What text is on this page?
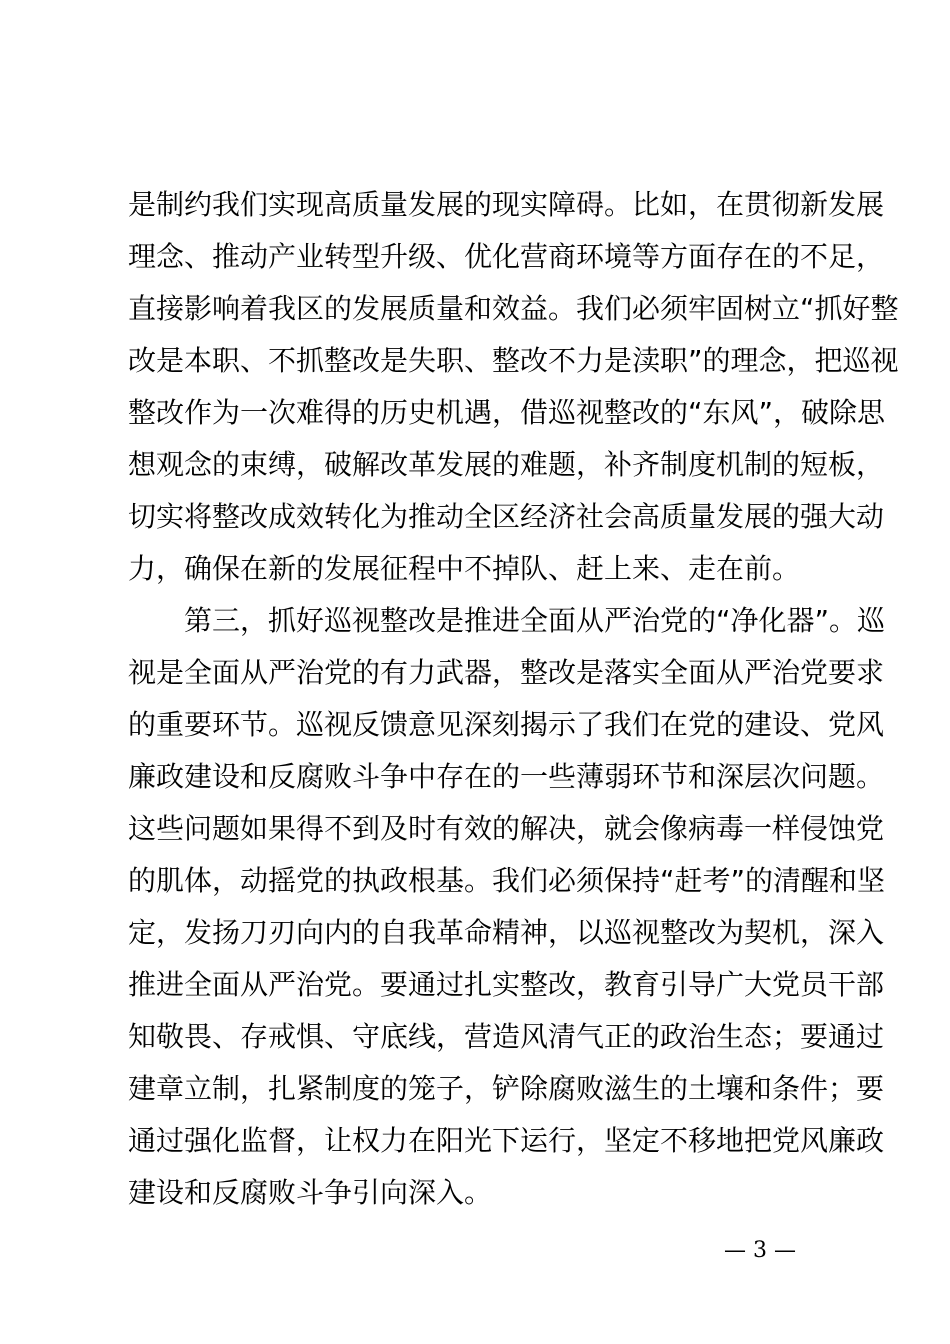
是制约我们实现高质量发展的现实障碍。比如，在贯彻新发展
理念、推动产业转型升级、优化营商环境等方面存在的不足，
直接影响着我区的发展质量和效益。我们必须牢固树立“抓好整
改是本职、不抓整改是失职、整改不力是渎职”的理念，把巡视
整改作为一次难得的历史机遇，借巡视整改的“东风”，破除思
想观念的束缚，破解改革发展的难题，补齐制度机制的短板，
切实将整改成效转化为推动全区经济社会高质量发展的强大动
力，确保在新的发展征程中不掉队、赶上来、走在前。
　　第三，抓好巡视整改是推进全面从严治党的“净化器”。巡
视是全面从严治党的有力武器，整改是落实全面从严治党要求
的重要环节。巡视反馈意见深刻揭示了我们在党的建设、党风
廉政建设和反腐败斗争中存在的一些薄弱环节和深层次问题。
这些问题如果得不到及时有效的解决，就会像病毒一样侵蚀党
的肌体，动摇党的执政根基。我们必须保持“赶考”的清醒和坚
定，发扬刀刃向内的自我革命精神，以巡视整改为契机，深入
推进全面从严治党。要通过扎实整改，教育引导广大党员干部
知敬畏、存戒惧、守底线，营造风清气正的政治生态；要通过
建章立制，扎紧制度的笼子，铲除腐败滋生的土壤和条件；要
通过强化监督，让权力在阳光下运行，坚定不移地把党风廉政
建设和反腐败斗争引向深入。
— 3 —
